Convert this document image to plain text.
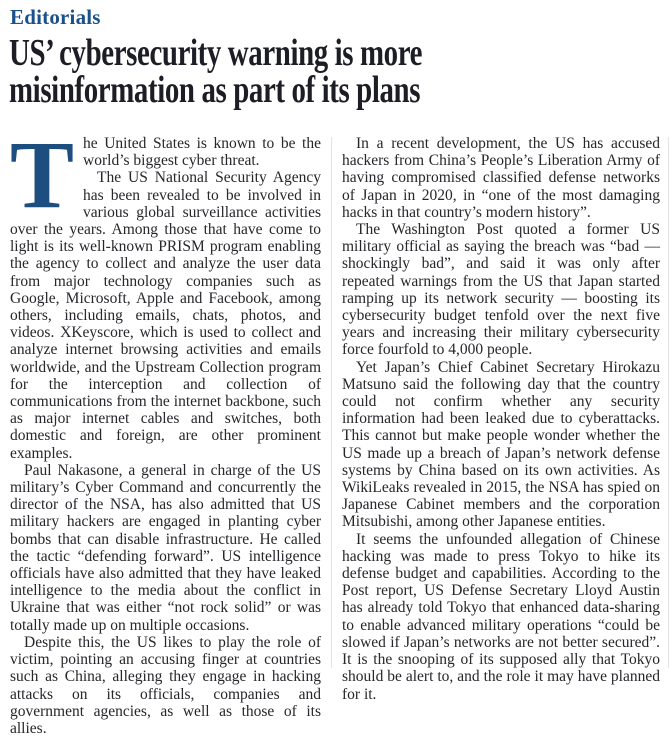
Editorials
US’ cybersecurity warning is more
misinformation as part of its plans

The United States is known to be the world’s biggest cyber threat.

The US National Security Agency has been revealed to be involved in various global surveillance activities over the years. Among those that have come to light is its well-known PRISM program enabling the agency to collect and analyze the user data from major technology companies such as Google, Microsoft, Apple and Facebook, among others, including emails, chats, photos, and videos. XKeyscore, which is used to collect and analyze internet browsing activities and emails worldwide, and the Upstream Collection program for the interception and collection of communications from the internet backbone, such as major internet cables and switches, both domestic and foreign, are other prominent examples.

Paul Nakasone, a general in charge of the US military’s Cyber Command and concurrently the director of the NSA, has also admitted that US military hackers are engaged in planting cyber bombs that can disable infrastructure. He called the tactic “defending forward”. US intelligence officials have also admitted that they have leaked intelligence to the media about the conflict in Ukraine that was either “not rock solid” or was totally made up on multiple occasions.

Despite this, the US likes to play the role of victim, pointing an accusing finger at countries such as China, alleging they engage in hacking attacks on its officials, companies and government agencies, as well as those of its allies.

In a recent development, the US has accused hackers from China’s People’s Liberation Army of having compromised classified defense networks of Japan in 2020, in “one of the most damaging hacks in that country’s modern history”.

The Washington Post quoted a former US military official as saying the breach was “bad — shockingly bad”, and said it was only after repeated warnings from the US that Japan started ramping up its network security — boosting its cybersecurity budget tenfold over the next five years and increasing their military cybersecurity force fourfold to 4,000 people.

Yet Japan’s Chief Cabinet Secretary Hirokazu Matsuno said the following day that the country could not confirm whether any security information had been leaked due to cyberattacks. This cannot but make people wonder whether the US made up a breach of Japan’s network defense systems by China based on its own activities. As WikiLeaks revealed in 2015, the NSA has spied on Japanese Cabinet members and the corporation Mitsubishi, among other Japanese entities.

It seems the unfounded allegation of Chinese hacking was made to press Tokyo to hike its defense budget and capabilities. According to the Post report, US Defense Secretary Lloyd Austin has already told Tokyo that enhanced data-sharing to enable advanced military operations “could be slowed if Japan’s networks are not better secured”. It is the snooping of its supposed ally that Tokyo should be alert to, and the role it may have planned for it.
